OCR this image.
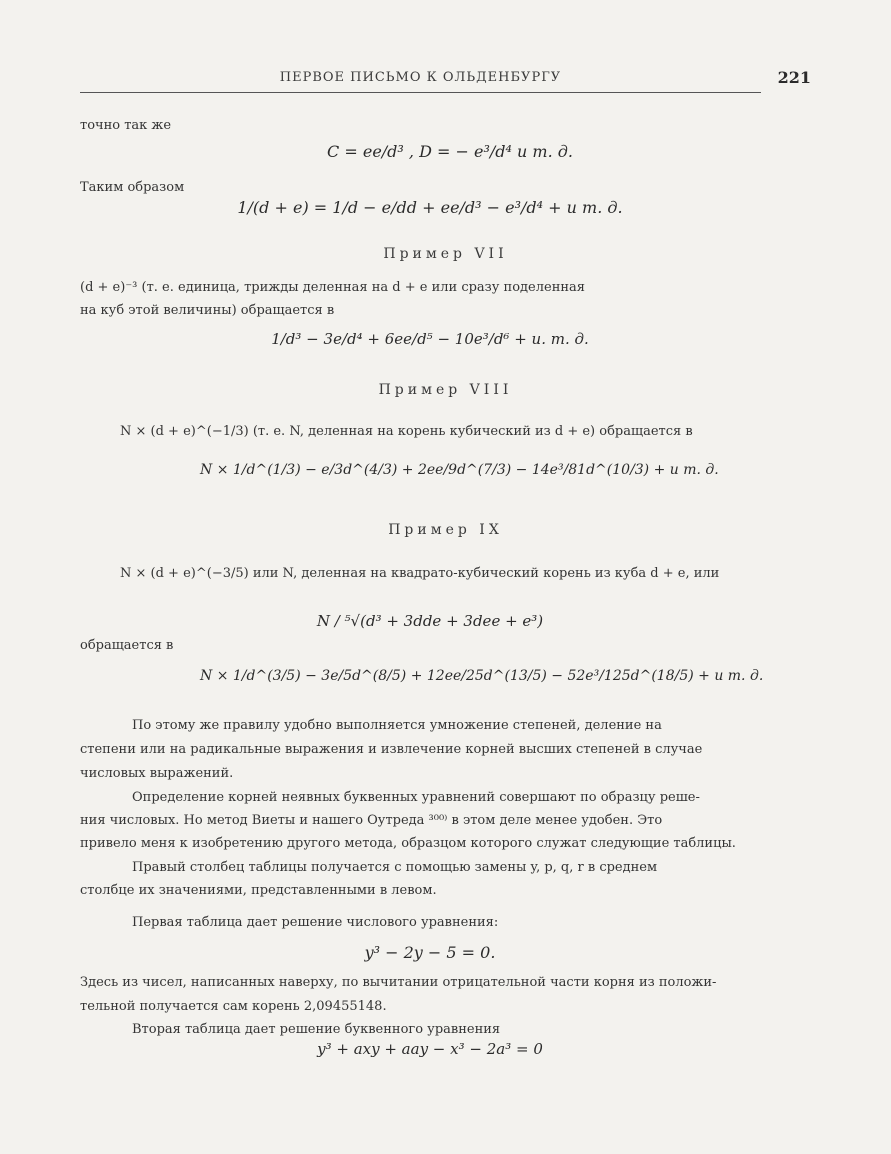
ПЕРВОЕ ПИСЬМО К ОЛЬДЕНБУРГУ	221
точно так же
C = ee/d³ , D = − e³/d⁴ и т. д.
Таким образом
1/(d + e) = 1/d − e/dd + ee/d³ − e³/d⁴ + и т. д.
Пример VII
(d + e)⁻³ (т. е. единица, трижды деленная на d + e или сразу поделенная
на куб этой величины) обращается в
1/d³ − 3e/d⁴ + 6ee/d⁵ − 10e³/d⁶ + и. т. д.
Пример VIII
N × (d + e)^(−1/3) (т. е. N, деленная на корень кубический из d + e) обращается в
N × 1/d^(1/3) − e/3d^(4/3) + 2ee/9d^(7/3) − 14e³/81d^(10/3) + и т. д.
Пример IX
N × (d + e)^(−3/5) или N, деленная на квадрато-кубический корень из куба d + e, или
N / ⁵√(d³ + 3dde + 3dee + e³)
обращается в
N × 1/d^(3/5) − 3e/5d^(8/5) + 12ee/25d^(13/5) − 52e³/125d^(18/5) + и т. д.
По этому же правилу удобно выполняется умножение степеней, деление на
степени или на радикальные выражения и извлечение корней высших степеней в случае
числовых выражений.
Определение корней неявных буквенных уравнений совершают по образцу реше-
ния числовых. Но метод Виеты и нашего Оутреда ³⁰⁰⁾ в этом деле менее удобен. Это
привело меня к изобретению другого метода, образцом которого служат следующие таблицы.
Правый столбец таблицы получается с помощью замены y, p, q, r в среднем
столбце их значениями, представленными в левом.
Первая таблица дает решение числового уравнения:
y³ − 2y − 5 = 0.
Здесь из чисел, написанных наверху, по вычитании отрицательной части корня из положи-
тельной получается сам корень 2,09455148.
Вторая таблица дает решение буквенного уравнения
y³ + axy + aay − x³ − 2a³ = 0
